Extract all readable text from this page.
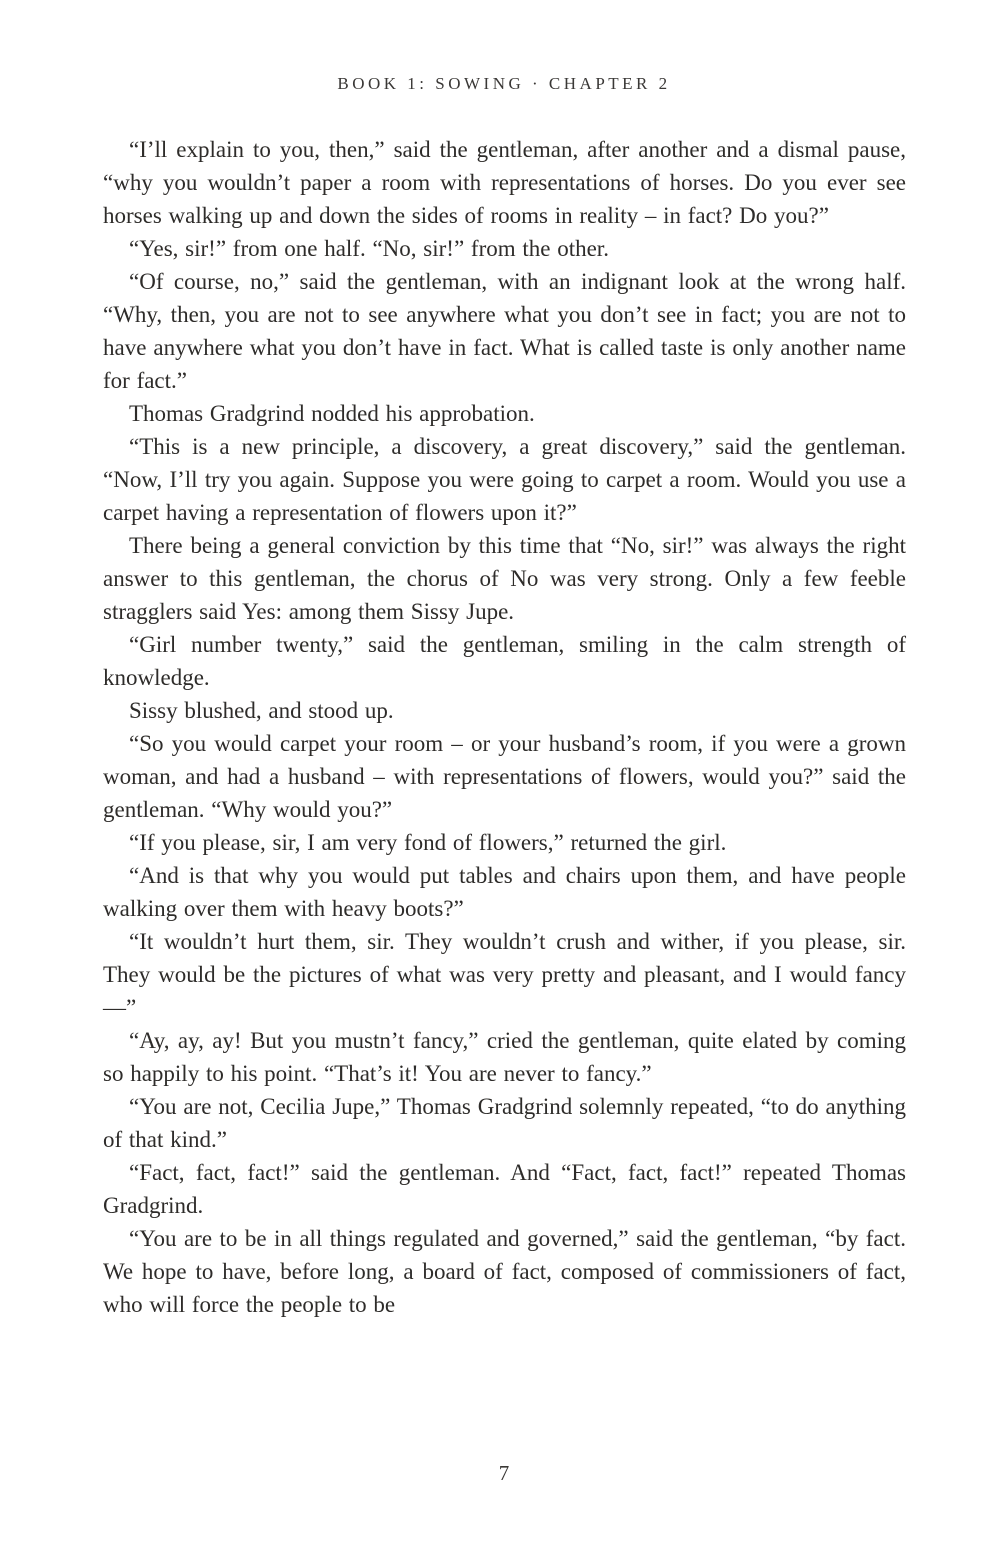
BOOK 1: SOWING · CHAPTER 2

“I’ll explain to you, then,” said the gentleman, after another and a dismal pause, “why you wouldn’t paper a room with representations of horses. Do you ever see horses walking up and down the sides of rooms in reality – in fact? Do you?”

“Yes, sir!” from one half. “No, sir!” from the other.

“Of course, no,” said the gentleman, with an indignant look at the wrong half. “Why, then, you are not to see anywhere what you don’t see in fact; you are not to have anywhere what you don’t have in fact. What is called taste is only another name for fact.”

Thomas Gradgrind nodded his approbation.

“This is a new principle, a discovery, a great discovery,” said the gentleman. “Now, I’ll try you again. Suppose you were going to carpet a room. Would you use a carpet having a representation of flowers upon it?”

There being a general conviction by this time that “No, sir!” was always the right answer to this gentleman, the chorus of No was very strong. Only a few feeble stragglers said Yes: among them Sissy Jupe.

“Girl number twenty,” said the gentleman, smiling in the calm strength of knowledge.

Sissy blushed, and stood up.

“So you would carpet your room – or your husband’s room, if you were a grown woman, and had a husband – with representations of flowers, would you?” said the gentleman. “Why would you?”

“If you please, sir, I am very fond of flowers,” returned the girl.

“And is that why you would put tables and chairs upon them, and have people walking over them with heavy boots?”

“It wouldn’t hurt them, sir. They wouldn’t crush and wither, if you please, sir. They would be the pictures of what was very pretty and pleasant, and I would fancy—”

“Ay, ay, ay! But you mustn’t fancy,” cried the gentleman, quite elated by coming so happily to his point. “That’s it! You are never to fancy.”

“You are not, Cecilia Jupe,” Thomas Gradgrind solemnly repeated, “to do anything of that kind.”

“Fact, fact, fact!” said the gentleman. And “Fact, fact, fact!” repeated Thomas Gradgrind.

“You are to be in all things regulated and governed,” said the gentleman, “by fact. We hope to have, before long, a board of fact, composed of commissioners of fact, who will force the people to be

7
